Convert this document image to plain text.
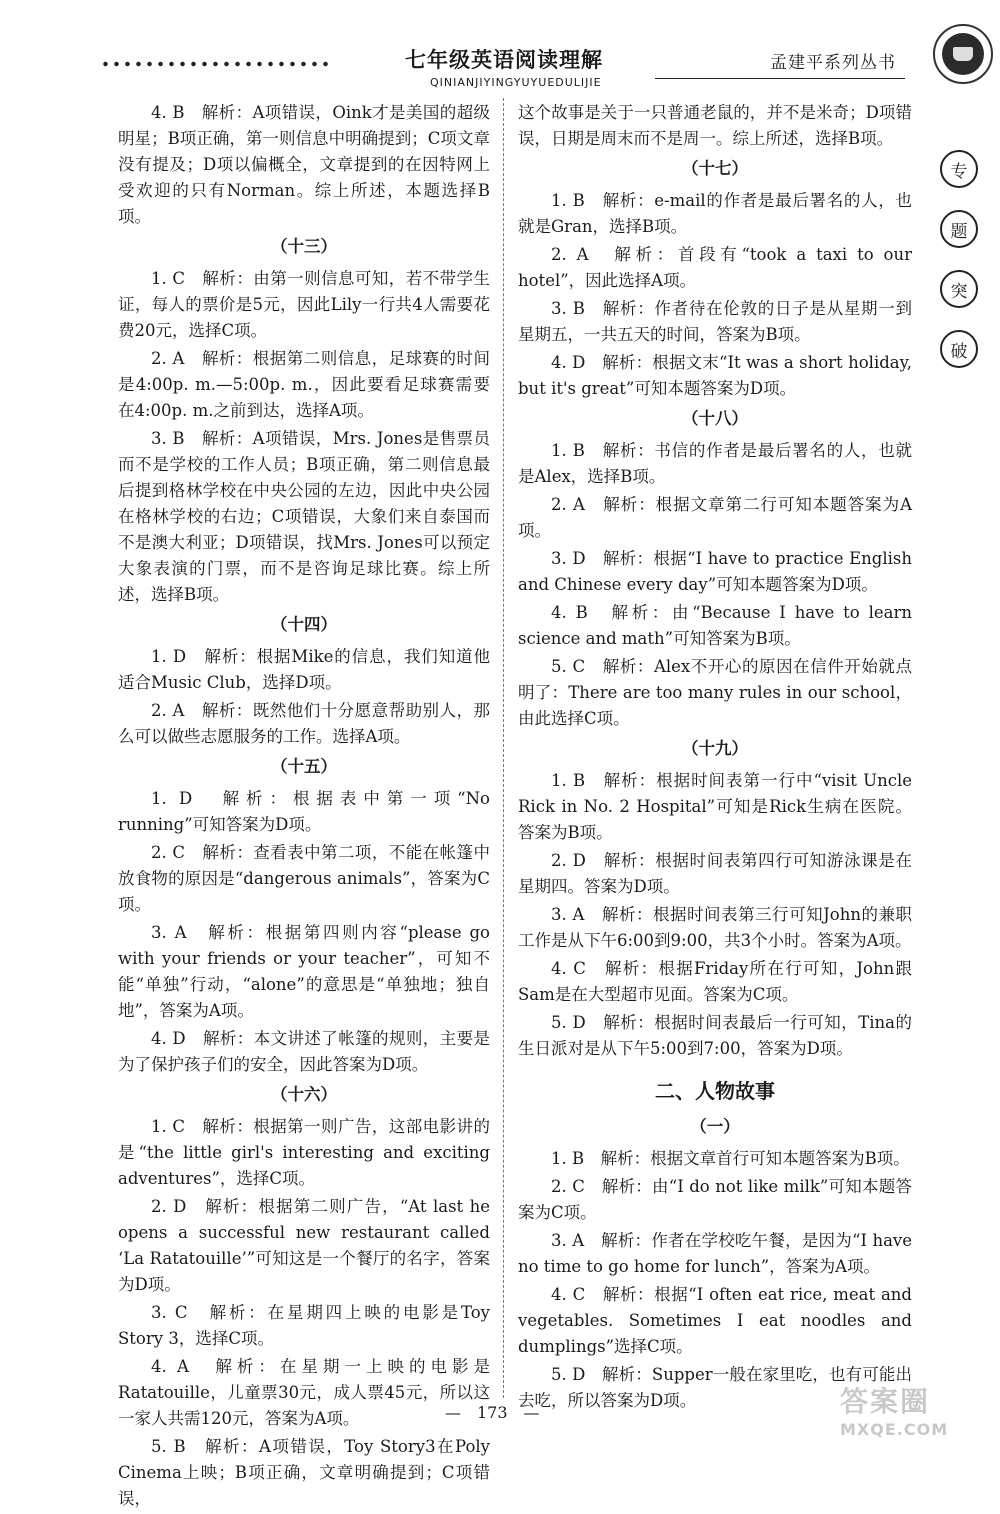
七年级英语阅读理解
QINIANJIYINGYUYUEDULIJIE
孟建平系列丛书
专
题
突
破
4. B　解析：A项错误，Oink才是美国的超级明星；B项正确，第一则信息中明确提到；C项文章没有提及；D项以偏概全，文章提到的在因特网上受欢迎的只有Norman。综上所述，本题选择B项。
（十三）
1. C　解析：由第一则信息可知，若不带学生证，每人的票价是5元，因此Lily一行共4人需要花费20元，选择C项。
2. A　解析：根据第二则信息，足球赛的时间是4:00p. m.—5:00p. m.，因此要看足球赛需要在4:00p. m.之前到达，选择A项。
3. B　解析：A项错误，Mrs. Jones是售票员而不是学校的工作人员；B项正确，第二则信息最后提到格林学校在中央公园的左边，因此中央公园在格林学校的右边；C项错误，大象们来自泰国而不是澳大利亚；D项错误，找Mrs. Jones可以预定大象表演的门票，而不是咨询足球比赛。综上所述，选择B项。
（十四）
1. D　解析：根据Mike的信息，我们知道他适合Music Club，选择D项。
2. A　解析：既然他们十分愿意帮助别人，那么可以做些志愿服务的工作。选择A项。
（十五）
1. D　解析：根据表中第一项“No running”可知答案为D项。
2. C　解析：查看表中第二项，不能在帐篷中放食物的原因是“dangerous animals”，答案为C项。
3. A　解析：根据第四则内容“please go with your friends or your teacher”，可知不能“单独”行动，“alone”的意思是“单独地；独自地”，答案为A项。
4. D　解析：本文讲述了帐篷的规则，主要是为了保护孩子们的安全，因此答案为D项。
（十六）
1. C　解析：根据第一则广告，这部电影讲的是“the little girl's interesting and exciting adventures”，选择C项。
2. D　解析：根据第二则广告，“At last he opens a successful new restaurant called ‘La Ratatouille’”可知这是一个餐厅的名字，答案为D项。
3. C　解析：在星期四上映的电影是Toy Story 3，选择C项。
4. A　解析：在星期一上映的电影是Ratatouille，儿童票30元，成人票45元，所以这一家人共需120元，答案为A项。
5. B　解析：A项错误，Toy Story3在Poly Cinema上映；B项正确，文章明确提到；C项错误，
这个故事是关于一只普通老鼠的，并不是米奇；D项错误，日期是周末而不是周一。综上所述，选择B项。
（十七）
1. B　解析：e-mail的作者是最后署名的人，也就是Gran，选择B项。
2. A　解析：首段有“took a taxi to our hotel”，因此选择A项。
3. B　解析：作者待在伦敦的日子是从星期一到星期五，一共五天的时间，答案为B项。
4. D　解析：根据文末“It was a short holiday, but it's great”可知本题答案为D项。
（十八）
1. B　解析：书信的作者是最后署名的人，也就是Alex，选择B项。
2. A　解析：根据文章第二行可知本题答案为A项。
3. D　解析：根据“I have to practice English and Chinese every day”可知本题答案为D项。
4. B　解析：由“Because I have to learn science and math”可知答案为B项。
5. C　解析：Alex不开心的原因在信件开始就点明了：There are too many rules in our school，由此选择C项。
（十九）
1. B　解析：根据时间表第一行中“visit Uncle Rick in No. 2 Hospital”可知是Rick生病在医院。答案为B项。
2. D　解析：根据时间表第四行可知游泳课是在星期四。答案为D项。
3. A　解析：根据时间表第三行可知John的兼职工作是从下午6:00到9:00，共3个小时。答案为A项。
4. C　解析：根据Friday所在行可知，John跟Sam是在大型超市见面。答案为C项。
5. D　解析：根据时间表最后一行可知，Tina的生日派对是从下午5:00到7:00，答案为D项。
二、人物故事
（一）
1. B　解析：根据文章首行可知本题答案为B项。
2. C　解析：由“I do not like milk”可知本题答案为C项。
3. A　解析：作者在学校吃午餐，是因为“I have no time to go home for lunch”，答案为A项。
4. C　解析：根据“I often eat rice, meat and vegetables. Sometimes I eat noodles and dumplings”选择C项。
5. D　解析：Supper一般在家里吃，也有可能出去吃，所以答案为D项。
—　173　—	答案圈
MXQE.COM
